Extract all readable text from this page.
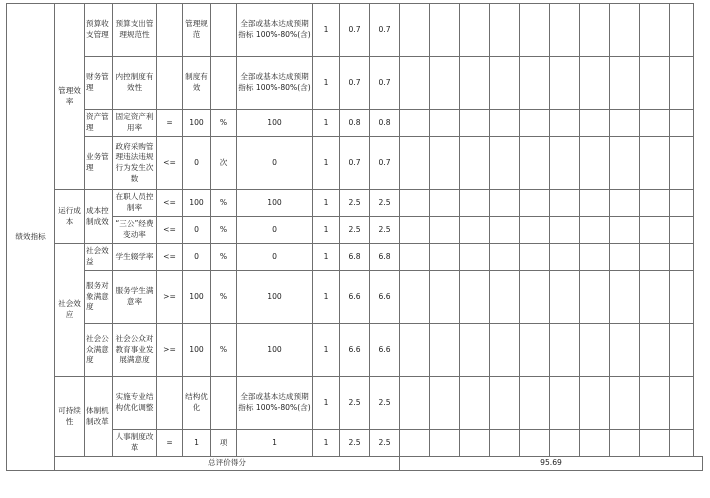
绩效指标	管理效率	预算收支管理	预算支出管理规范性		管理规范		全部或基本达成预期指标 100%-80%(含)	1	0.7	0.7										
		财务管理	内控制度有效性		制度有效		全部或基本达成预期指标 100%-80%(含)	1	0.7	0.7										
		资产管理	固定资产利用率	=	100	%	100	1	0.8	0.8										
		业务管理	政府采购管理违法违规行为发生次数	<=	0	次	0	1	0.7	0.7										
	运行成本	成本控制成效	在职人员控制率	<=	100	%	100	1	2.5	2.5										
			“三公”经费变动率	<=	0	%	0	1	2.5	2.5										
	社会效应	社会效益	学生辍学率	<=	0	%	0	1	6.8	6.8										
		服务对象满意度	服务学生满意率	>=	100	%	100	1	6.6	6.6										
		社会公众满意度	社会公众对教育事业发展满意度	>=	100	%	100	1	6.6	6.6										
	可持续性	体制机制改革	实施专业结构优化调整		结构优化		全部或基本达成预期指标 100%-80%(含)	1	2.5	2.5										
			人事制度改革	=	1	项	1	1	2.5	2.5										
	总评价得分										95.69									
